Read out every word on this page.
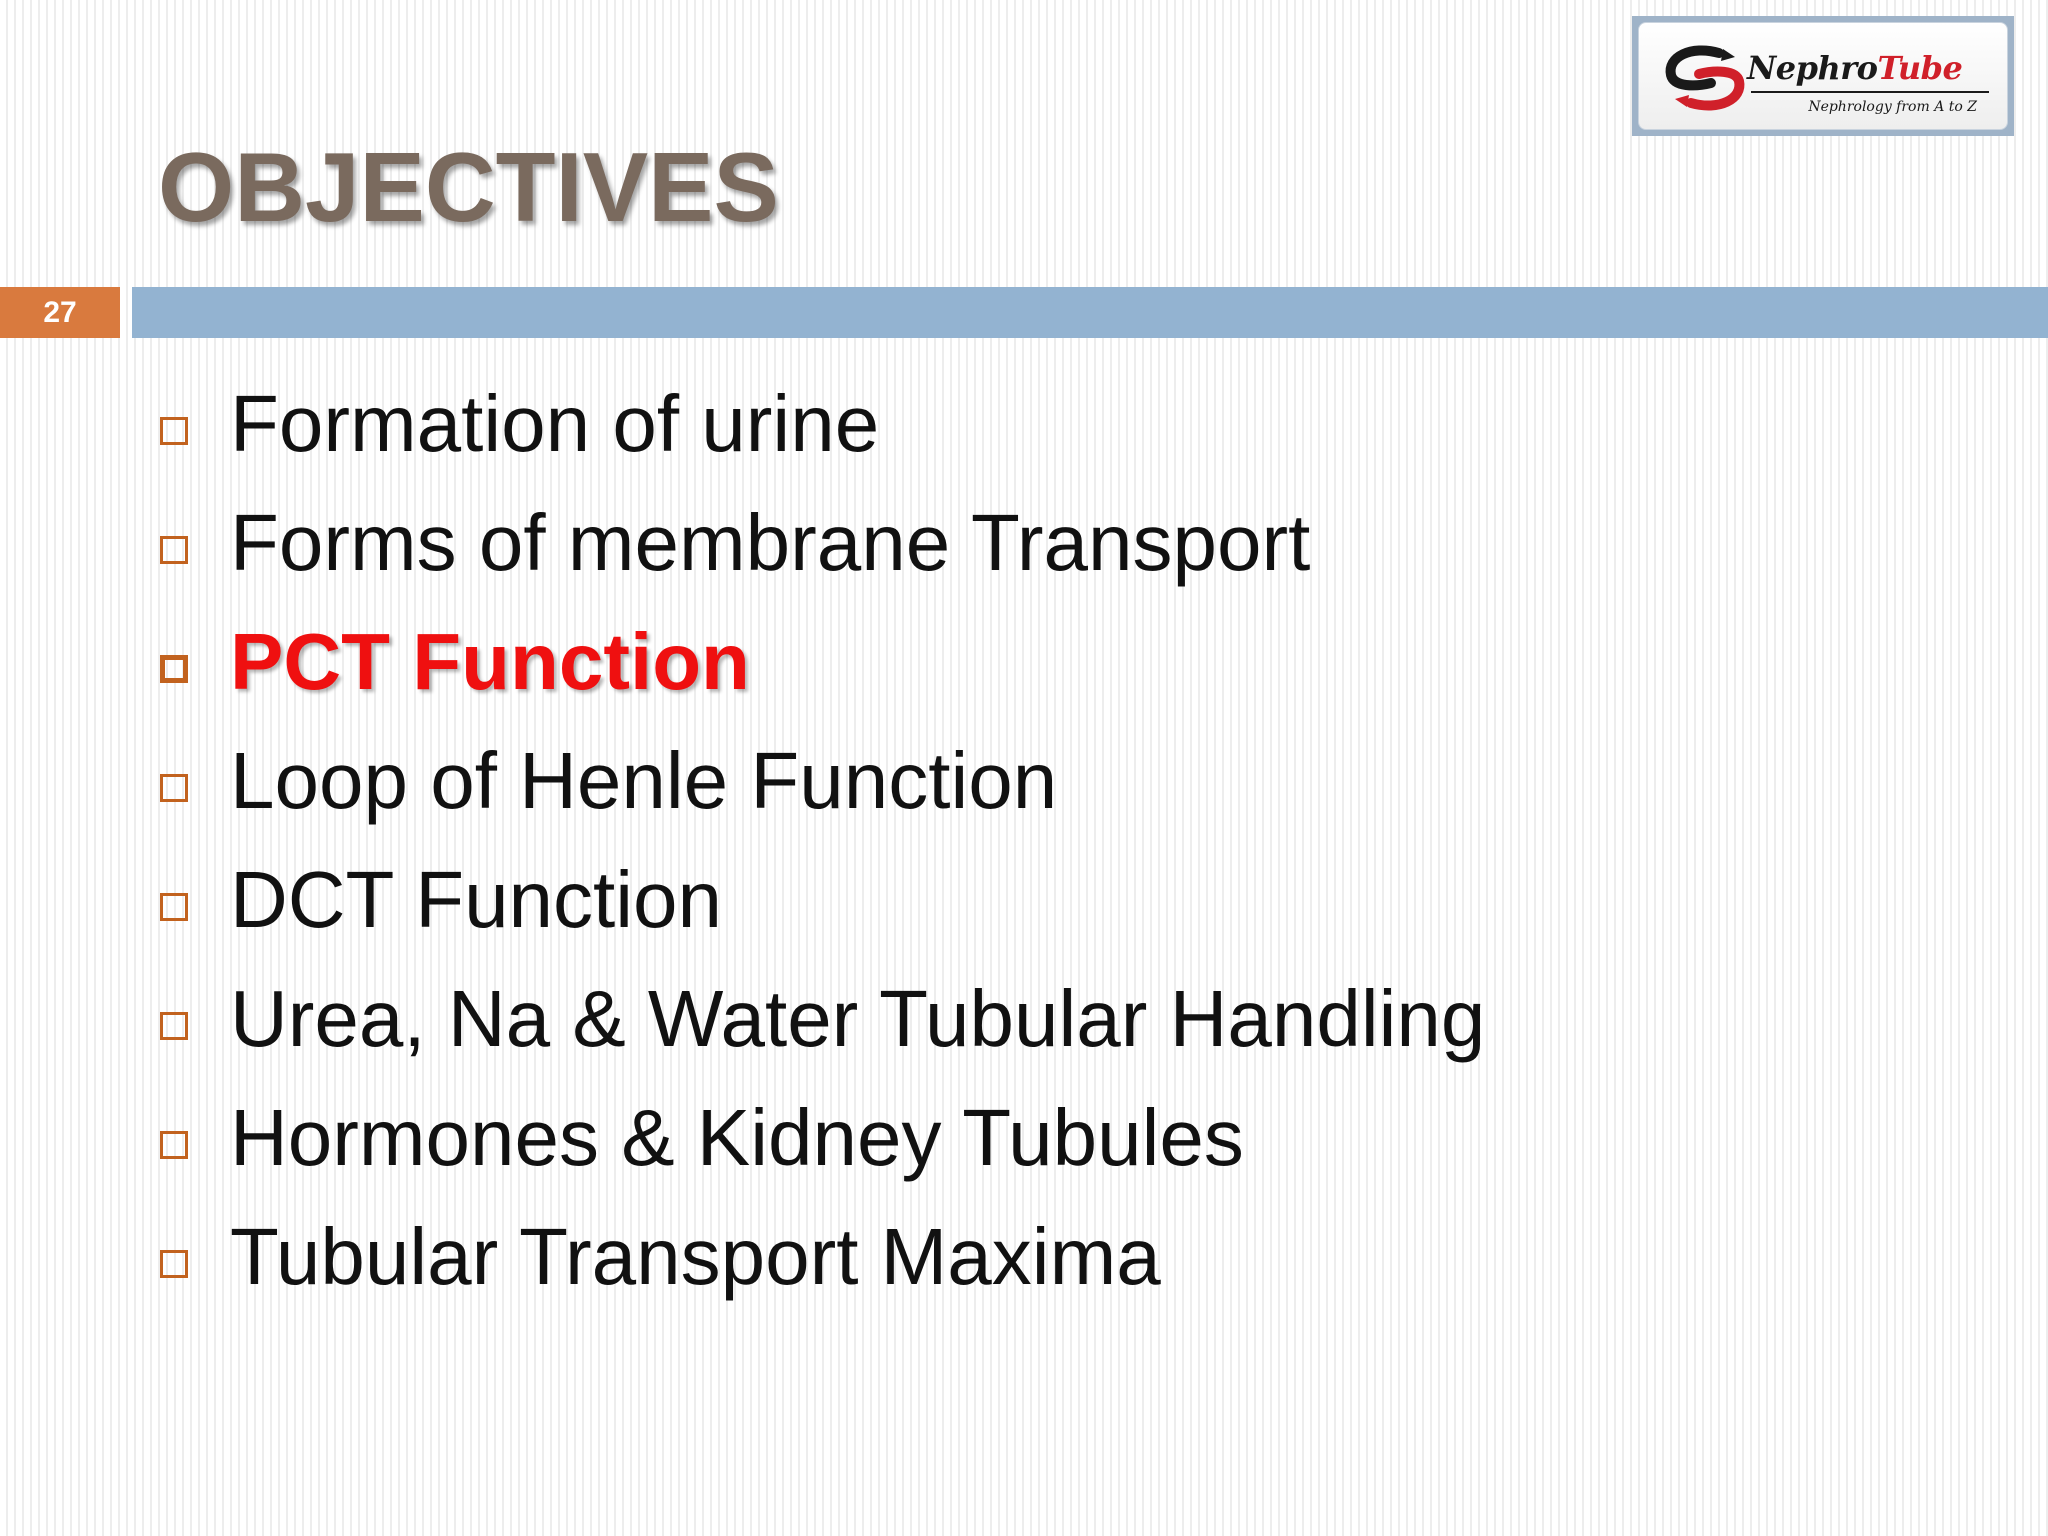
NephroTube
Nephrology from A to Z
OBJECTIVES
27
Formation of urine
Forms of membrane Transport
PCT Function
Loop of Henle Function
DCT Function
Urea, Na & Water Tubular Handling
Hormones & Kidney Tubules
Tubular Transport Maxima
